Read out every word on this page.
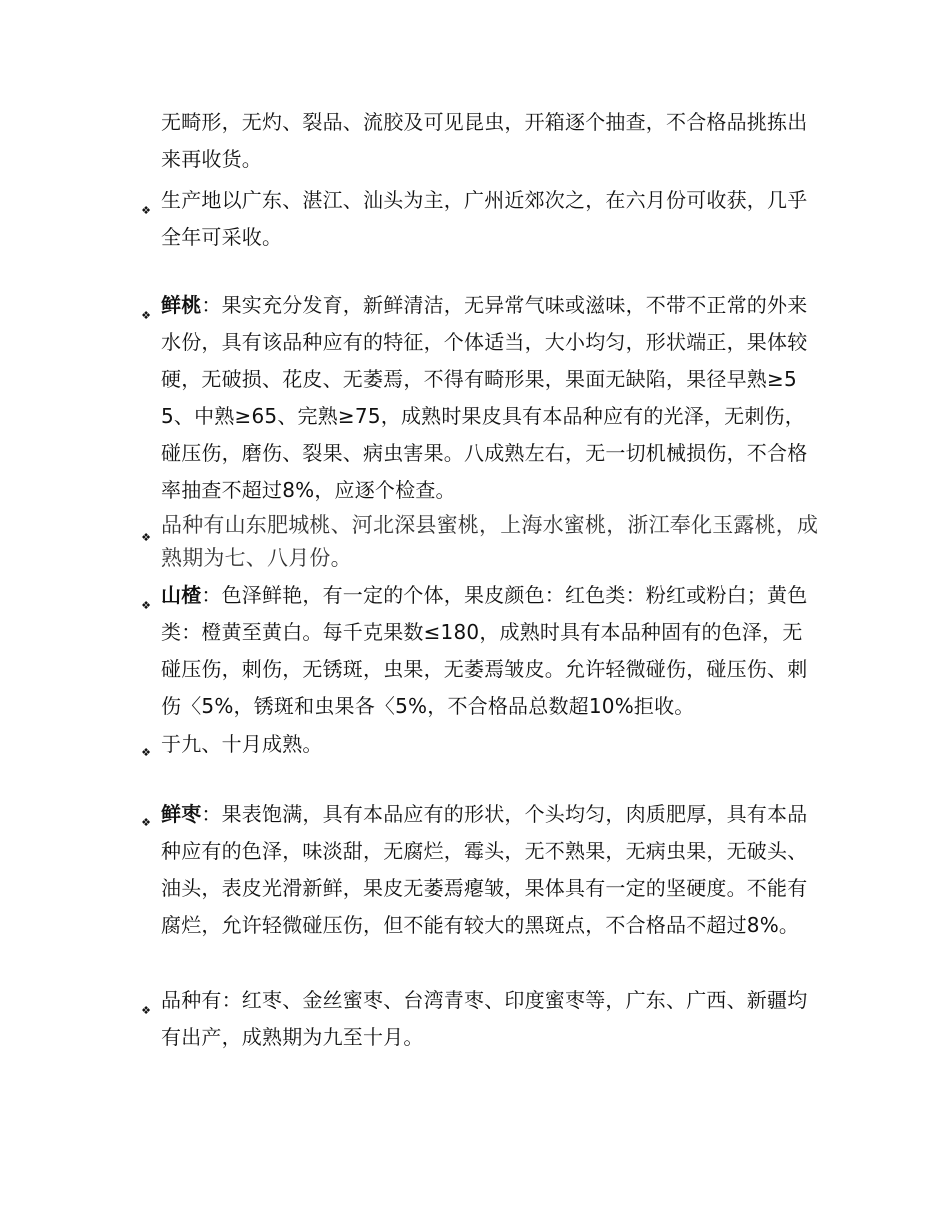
无畸形，无灼、裂品、流胶及可见昆虫，开箱逐个抽查，不合格品挑拣出来再收货。

❖ 生产地以广东、湛江、汕头为主，广州近郊次之，在六月份可收获，几乎全年可采收。

❖ 鲜桃：果实充分发育，新鲜清洁，无异常气味或滋味，不带不正常的外来水份，具有该品种应有的特征，个体适当，大小均匀，形状端正，果体较硬，无破损、花皮、无萎焉，不得有畸形果，果面无缺陷，果径早熟≥55、中熟≥65、完熟≥75，成熟时果皮具有本品种应有的光泽，无刺伤，碰压伤，磨伤、裂果、病虫害果。八成熟左右，无一切机械损伤，不合格率抽查不超过8%，应逐个检查。

❖

品种有山东肥城桃、河北深县蜜桃，上海水蜜桃，浙江奉化玉露桃，成熟期为七、八月份。

❖ 山楂：色泽鲜艳，有一定的个体，果皮颜色：红色类：粉红或粉白；黄色类：橙黄至黄白。每千克果数≤180，成熟时具有本品种固有的色泽，无碰压伤，刺伤，无锈斑，虫果，无萎焉皱皮。允许轻微碰伤，碰压伤、刺伤〈5%，锈斑和虫果各〈5%，不合格品总数超10%拒收。

❖ 于九、十月成熟。

❖ 鲜枣：果表饱满，具有本品应有的形状，个头均匀，肉质肥厚，具有本品种应有的色泽，味淡甜，无腐烂，霉头，无不熟果，无病虫果，无破头、油头，表皮光滑新鲜，果皮无萎焉瘪皱，果体具有一定的坚硬度。不能有腐烂，允许轻微碰压伤，但不能有较大的黑斑点，不合格品不超过8%。

❖ 品种有：红枣、金丝蜜枣、台湾青枣、印度蜜枣等，广东、广西、新疆均有出产，成熟期为九至十月。
